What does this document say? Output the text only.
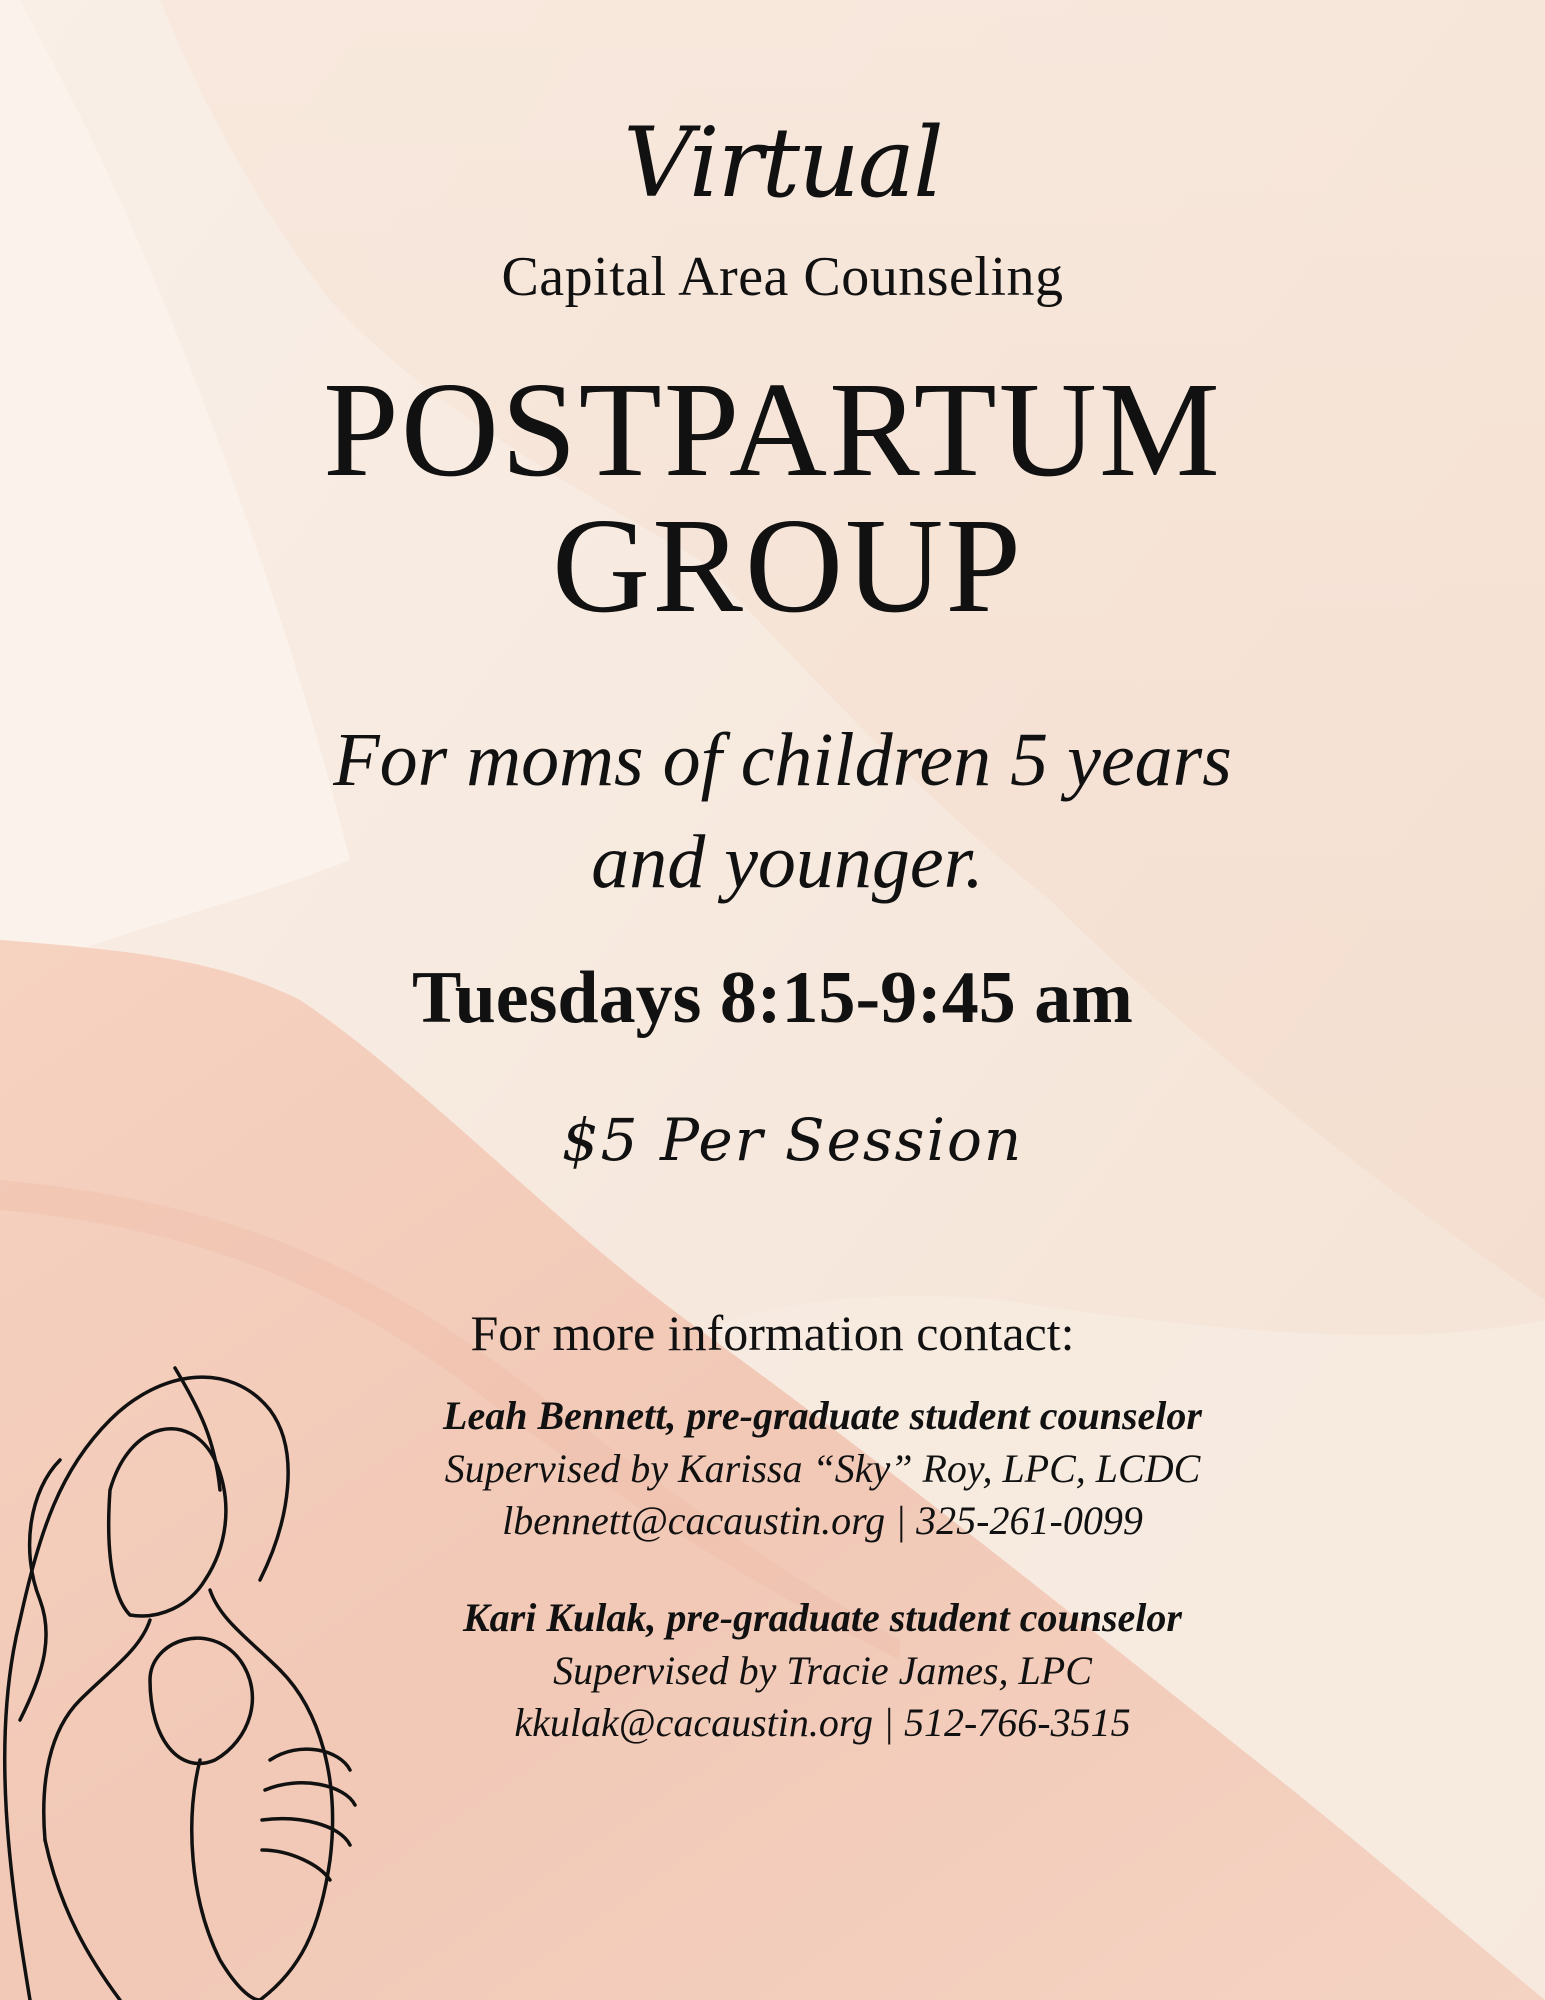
Virtual

Capital Area Counseling

POSTPARTUM

GROUP

For moms of children 5 years

and younger.

Tuesdays 8:15-9:45 am

$5 Per Session

For more information contact:

Leah Bennett, pre-graduate student counselor

Supervised by Karissa “Sky” Roy, LPC, LCDC

lbennett@cacaustin.org | 325-261-0099

Kari Kulak, pre-graduate student counselor

Supervised by Tracie James, LPC

kkulak@cacaustin.org | 512-766-3515
